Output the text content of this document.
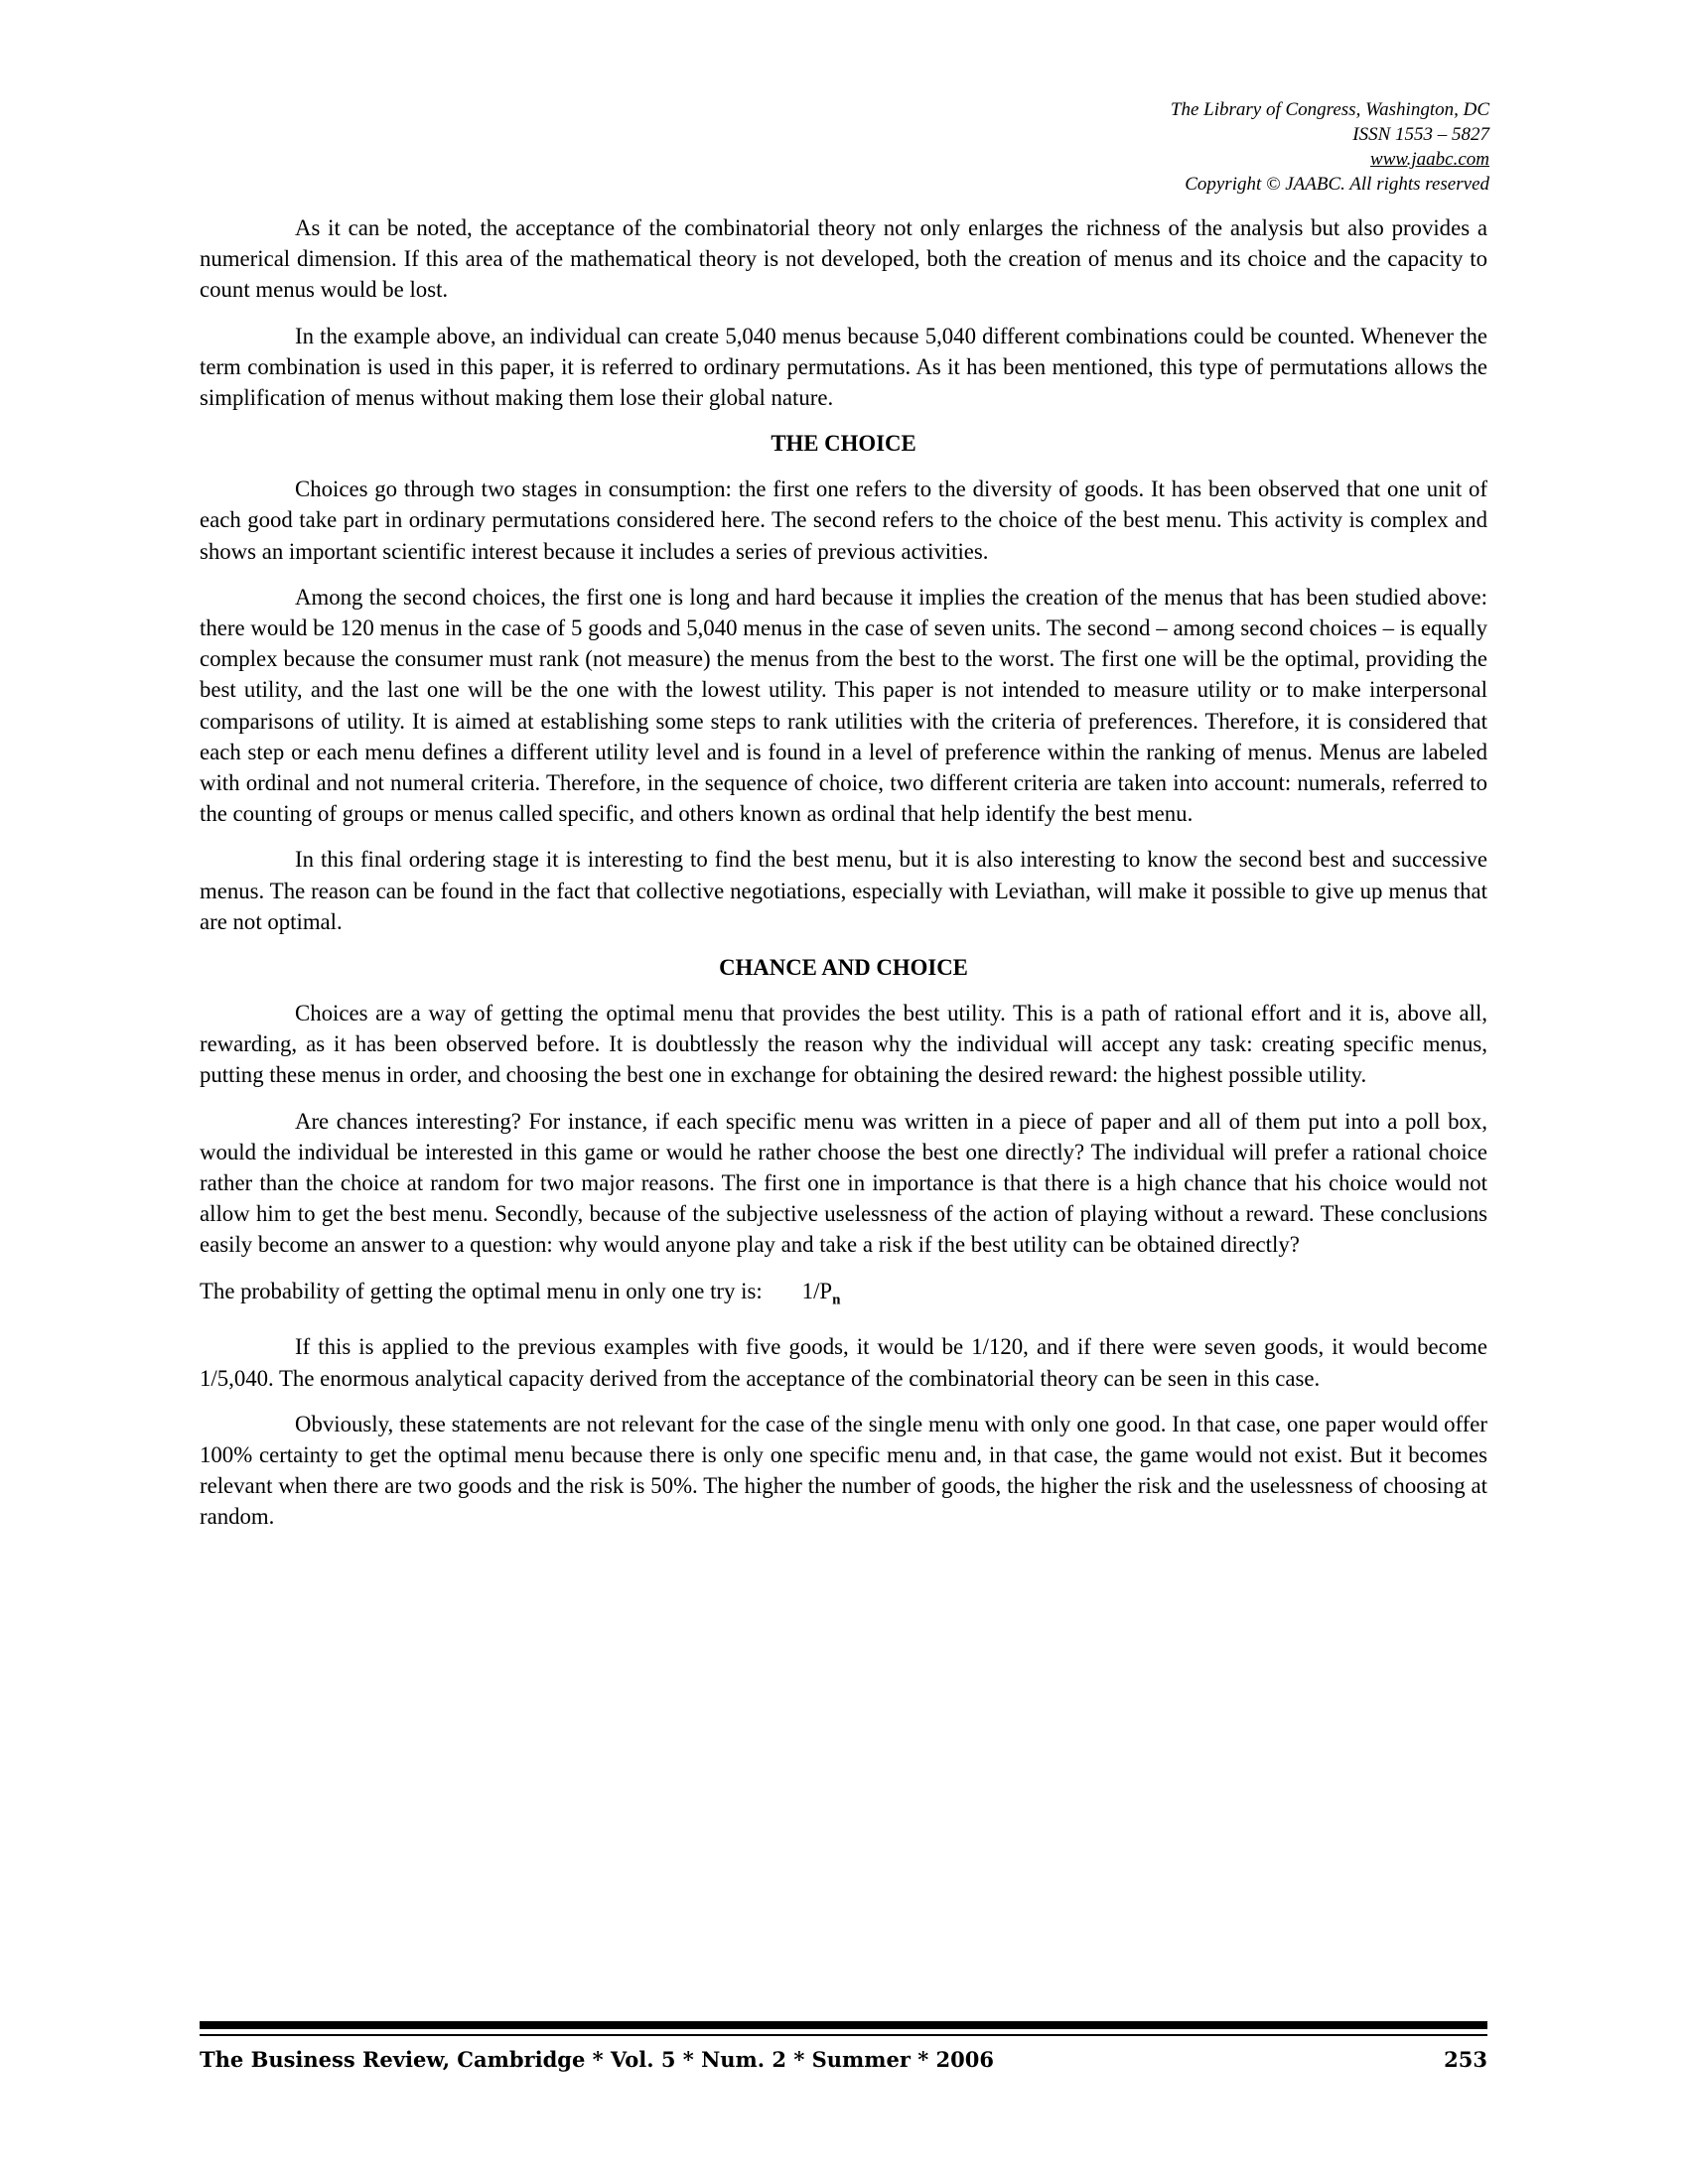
The Library of Congress, Washington, DC
ISSN 1553 – 5827
www.jaabc.com
Copyright © JAABC. All rights reserved

As it can be noted, the acceptance of the combinatorial theory not only enlarges the richness of the analysis but also provides a numerical dimension. If this area of the mathematical theory is not developed, both the creation of menus and its choice and the capacity to count menus would be lost.

In the example above, an individual can create 5,040 menus because 5,040 different combinations could be counted. Whenever the term combination is used in this paper, it is referred to ordinary permutations. As it has been mentioned, this type of permutations allows the simplification of menus without making them lose their global nature.

THE CHOICE

Choices go through two stages in consumption: the first one refers to the diversity of goods. It has been observed that one unit of each good take part in ordinary permutations considered here. The second refers to the choice of the best menu. This activity is complex and shows an important scientific interest because it includes a series of previous activities.

Among the second choices, the first one is long and hard because it implies the creation of the menus that has been studied above: there would be 120 menus in the case of 5 goods and 5,040 menus in the case of seven units. The second – among second choices – is equally complex because the consumer must rank (not measure) the menus from the best to the worst. The first one will be the optimal, providing the best utility, and the last one will be the one with the lowest utility. This paper is not intended to measure utility or to make interpersonal comparisons of utility. It is aimed at establishing some steps to rank utilities with the criteria of preferences. Therefore, it is considered that each step or each menu defines a different utility level and is found in a level of preference within the ranking of menus. Menus are labeled with ordinal and not numeral criteria. Therefore, in the sequence of choice, two different criteria are taken into account: numerals, referred to the counting of groups or menus called specific, and others known as ordinal that help identify the best menu.

In this final ordering stage it is interesting to find the best menu, but it is also interesting to know the second best and successive menus. The reason can be found in the fact that collective negotiations, especially with Leviathan, will make it possible to give up menus that are not optimal.

CHANCE AND CHOICE

Choices are a way of getting the optimal menu that provides the best utility. This is a path of rational effort and it is, above all, rewarding, as it has been observed before. It is doubtlessly the reason why the individual will accept any task: creating specific menus, putting these menus in order, and choosing the best one in exchange for obtaining the desired reward: the highest possible utility.

Are chances interesting? For instance, if each specific menu was written in a piece of paper and all of them put into a poll box, would the individual be interested in this game or would he rather choose the best one directly? The individual will prefer a rational choice rather than the choice at random for two major reasons. The first one in importance is that there is a high chance that his choice would not allow him to get the best menu. Secondly, because of the subjective uselessness of the action of playing without a reward. These conclusions easily become an answer to a question: why would anyone play and take a risk if the best utility can be obtained directly?

The probability of getting the optimal menu in only one try is: $1/P_n$

If this is applied to the previous examples with five goods, it would be 1/120, and if there were seven goods, it would become 1/5,040. The enormous analytical capacity derived from the acceptance of the combinatorial theory can be seen in this case.

Obviously, these statements are not relevant for the case of the single menu with only one good. In that case, one paper would offer 100% certainty to get the optimal menu because there is only one specific menu and, in that case, the game would not exist. But it becomes relevant when there are two goods and the risk is 50%. The higher the number of goods, the higher the risk and the uselessness of choosing at random.

The Business Review, Cambridge * Vol. 5 * Num. 2 * Summer * 2006	253
